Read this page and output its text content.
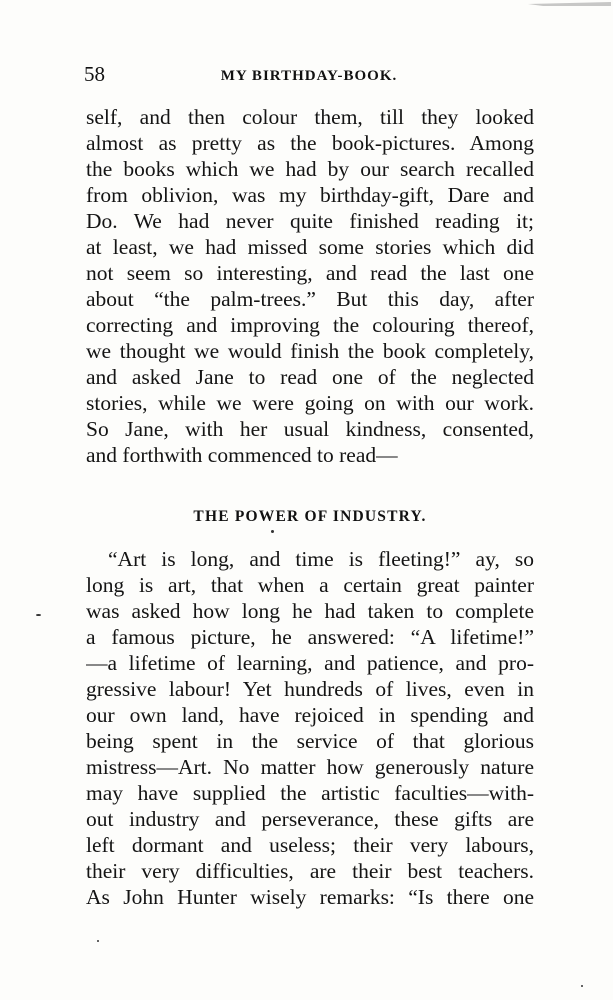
58	MY BIRTHDAY-BOOK.
self, and then colour them, till they looked
almost as pretty as the book-pictures. Among
the books which we had by our search recalled
from oblivion, was my birthday-gift, Dare and
Do. We had never quite finished reading it;
at least, we had missed some stories which did
not seem so interesting, and read the last one
about “the palm-trees.” But this day, after
correcting and improving the colouring thereof,
we thought we would finish the book completely,
and asked Jane to read one of the neglected
stories, while we were going on with our work.
So Jane, with her usual kindness, consented,
and forthwith commenced to read—
THE POWER OF INDUSTRY.
“Art is long, and time is fleeting!” ay, so
long is art, that when a certain great painter
was asked how long he had taken to complete
a famous picture, he answered: “A lifetime!”
—a lifetime of learning, and patience, and pro-
gressive labour! Yet hundreds of lives, even in
our own land, have rejoiced in spending and
being spent in the service of that glorious
mistress—Art. No matter how generously nature
may have supplied the artistic faculties—with-
out industry and perseverance, these gifts are
left dormant and useless; their very labours,
their very difficulties, are their best teachers.
As John Hunter wisely remarks: “Is there one
